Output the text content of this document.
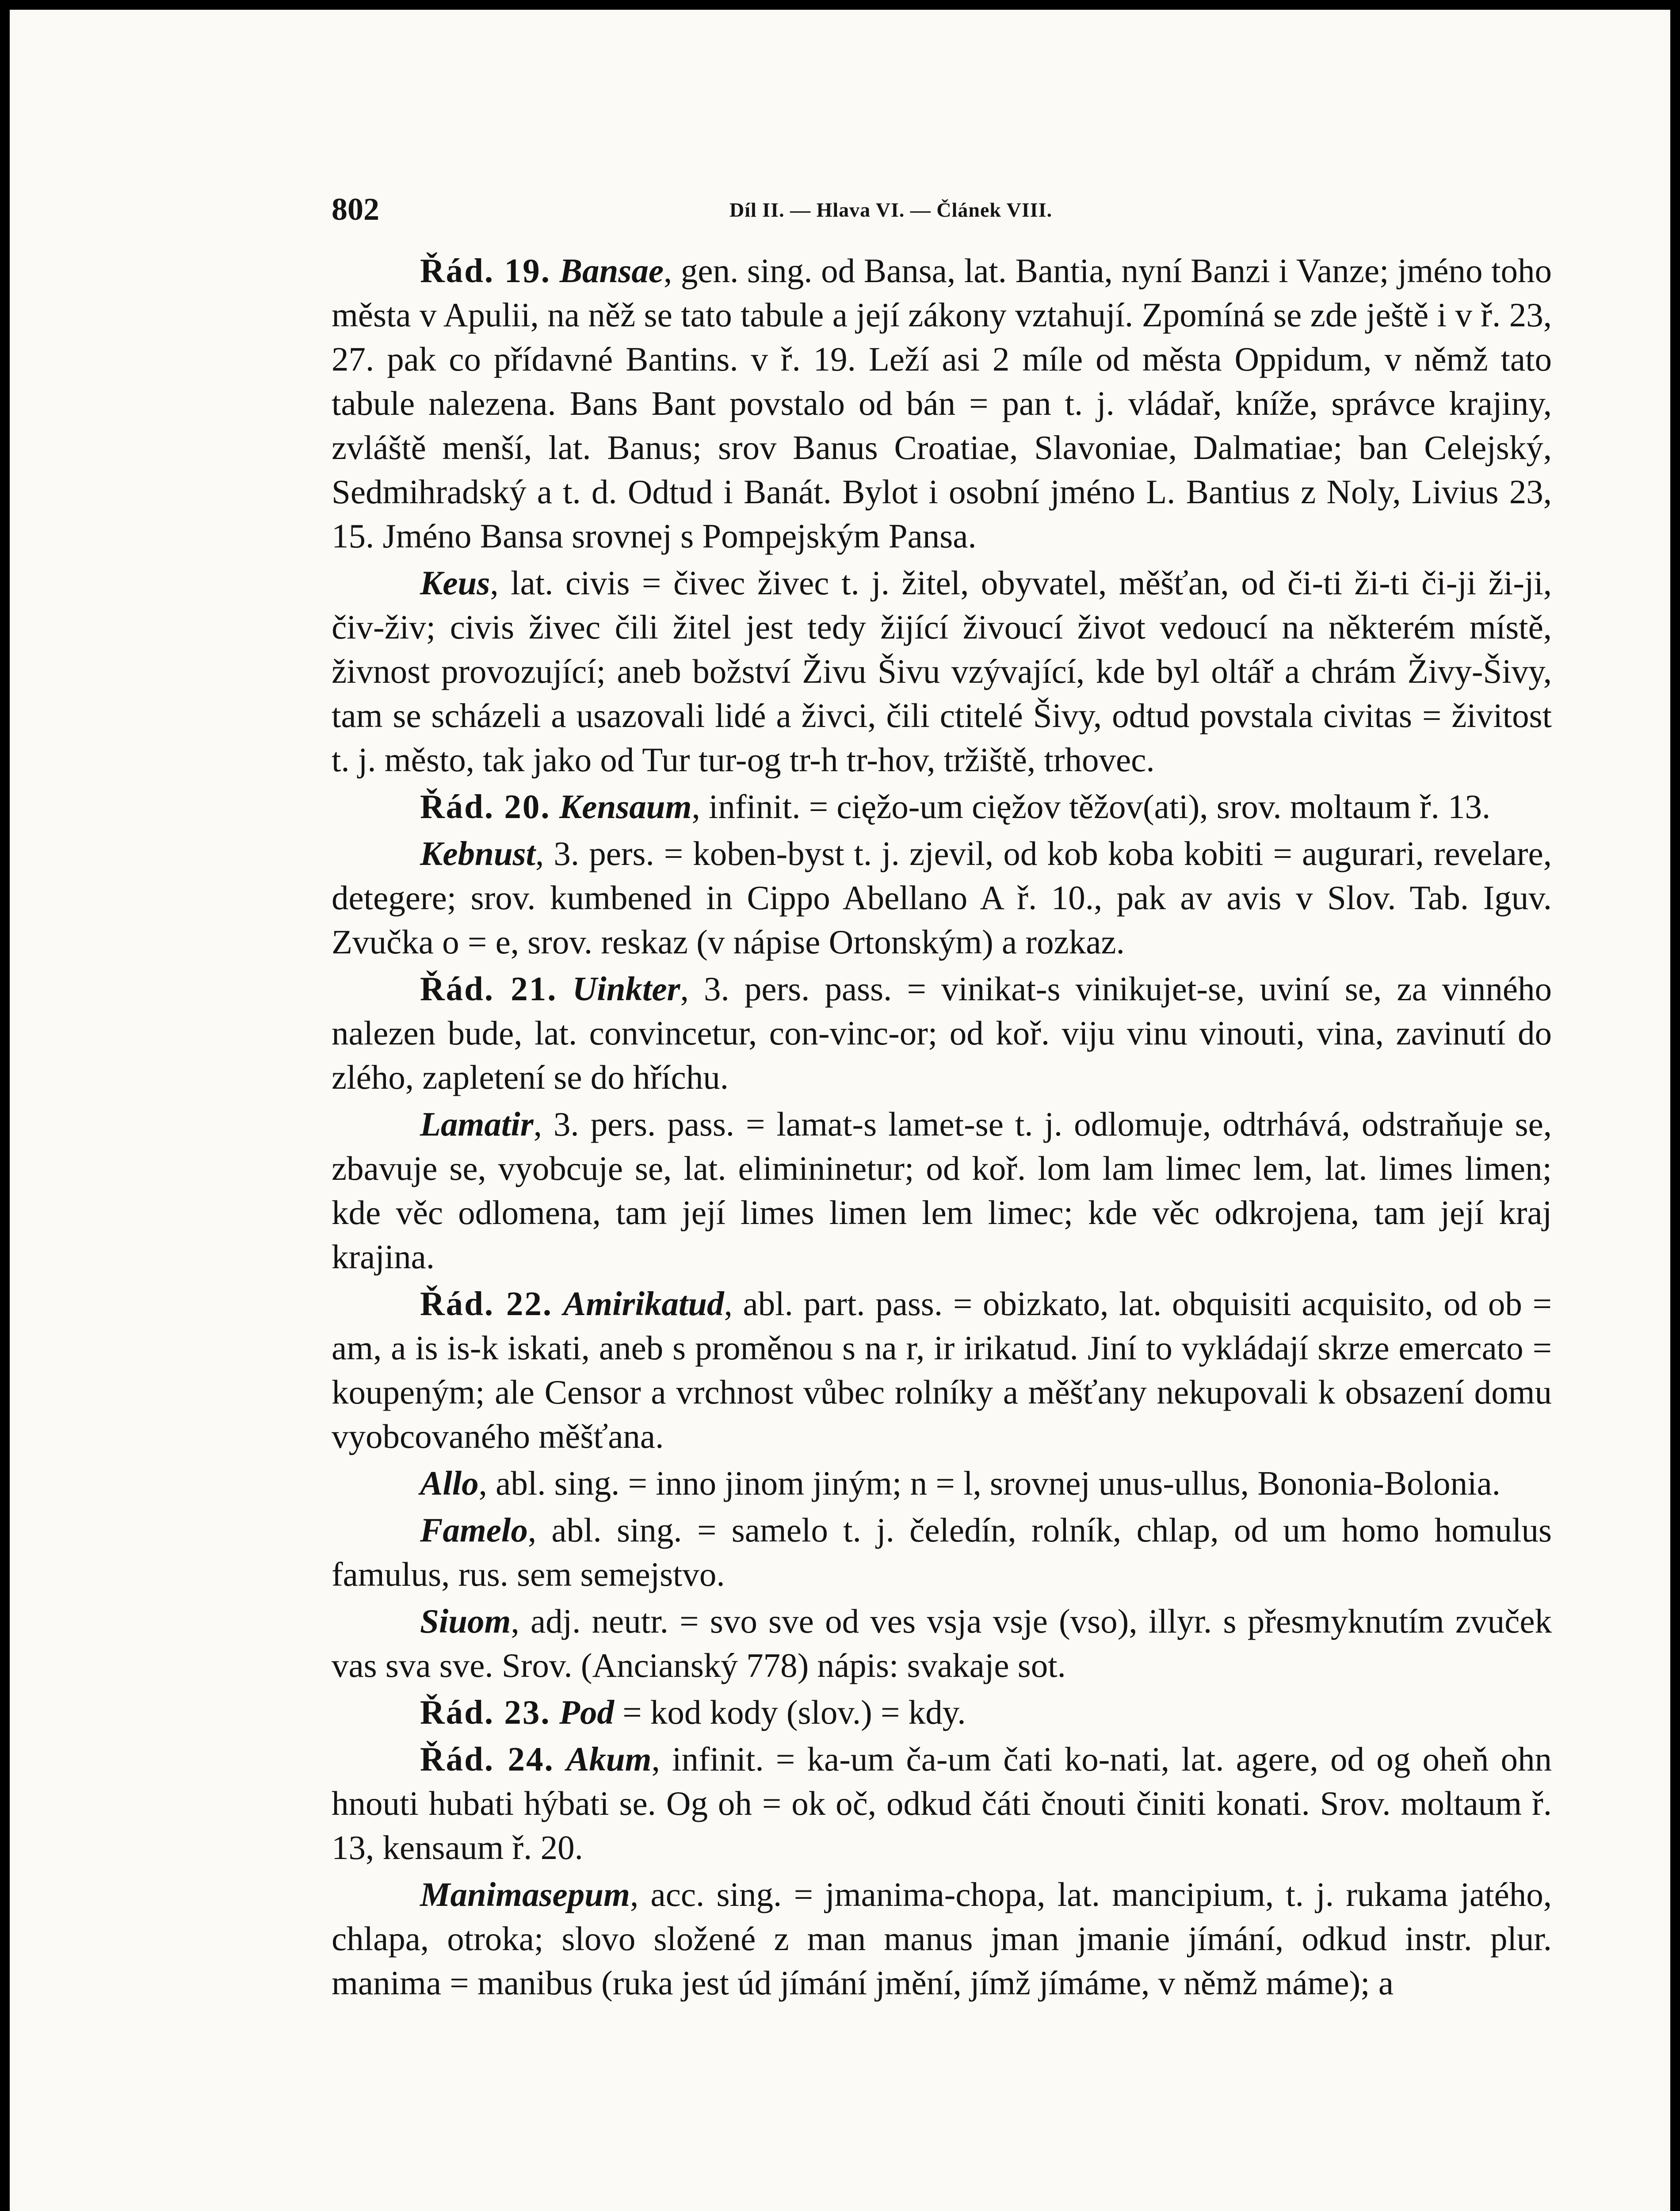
802	Díl II. — Hlava VI. — Článek VIII.

Řád. 19. Bansae, gen. sing. od Bansa, lat. Bantia, nyní Banzi i Vanze; jméno toho města v Apulii, na něž se tato tabule a její zákony vztahují. Zpomíná se zde ještě i v ř. 23, 27. pak co přídavné Bantins. v ř. 19. Leží asi 2 míle od města Oppidum, v němž tato tabule nalezena. Bans Bant povstalo od bán = pan t. j. vládař, kníže, správce krajiny, zvláště menší, lat. Banus; srov Banus Croatiae, Slavoniae, Dalmatiae; ban Celejský, Sedmihradský a t. d. Odtud i Banát. Bylot i osobní jméno L. Bantius z Noly, Livius 23, 15. Jméno Bansa srovnej s Pompejským Pansa.

Keus, lat. civis = čivec živec t. j. žitel, obyvatel, měšťan, od či-ti ži-ti či-ji ži-ji, čiv-živ; civis živec čili žitel jest tedy žijící živoucí život vedoucí na některém místě, živnost provozující; aneb božství Živu Šivu vzývající, kde byl oltář a chrám Živy-Šivy, tam se scházeli a usazovali lidé a živci, čili ctitelé Šivy, odtud povstala civitas = živitost t. j. město, tak jako od Tur tur-og tr-h tr-hov, tržiště, trhovec.

Řád. 20. Kensaum, infinit. = cięžo-um cięžov těžov(ati), srov. moltaum ř. 13.

Kebnust, 3. pers. = koben-byst t. j. zjevil, od kob koba kobiti = augurari, revelare, detegere; srov. kumbened in Cippo Abellano A ř. 10., pak av avis v Slov. Tab. Iguv. Zvučka o = e, srov. reskaz (v nápise Ortonským) a rozkaz.

Řád. 21. Uinkter, 3. pers. pass. = vinikat-s vinikujet-se, uviní se, za vinného nalezen bude, lat. convincetur, con-vinc-or; od koř. viju vinu vinouti, vina, zavinutí do zlého, zapletení se do hříchu.

Lamatir, 3. pers. pass. = lamat-s lamet-se t. j. odlomuje, odtrhává, odstraňuje se, zbavuje se, vyobcuje se, lat. elimininetur; od koř. lom lam limec lem, lat. limes limen; kde věc odlomena, tam její limes limen lem limec; kde věc odkrojena, tam její kraj krajina.

Řád. 22. Amirikatud, abl. part. pass. = obizkato, lat. obquisiti acquisito, od ob = am, a is is-k iskati, aneb s proměnou s na r, ir irikatud. Jiní to vykládají skrze emercato = koupeným; ale Censor a vrchnost vůbec rolníky a měšťany nekupovali k obsazení domu vyobcovaného měšťana.

Allo, abl. sing. = inno jinom jiným; n = l, srovnej unus-ullus, Bononia-Bolonia.

Famelo, abl. sing. = samelo t. j. čeledín, rolník, chlap, od um homo homulus famulus, rus. sem semejstvo.

Siuom, adj. neutr. = svo sve od ves vsja vsje (vso), illyr. s přesmyknutím zvuček vas sva sve. Srov. (Ancianský 778) nápis: svakaje sot.

Řád. 23. Pod = kod kody (slov.) = kdy.

Řád. 24. Akum, infinit. = ka-um ča-um čati ko-nati, lat. agere, od og oheň ohn hnouti hubati hýbati se. Og oh = ok oč, odkud čáti čnouti činiti konati. Srov. moltaum ř. 13, kensaum ř. 20.

Manimasepum, acc. sing. = jmanima-chopa, lat. mancipium, t. j. rukama jatého, chlapa, otroka; slovo složené z man manus jman jmanie jímání, odkud instr. plur. manima = manibus (ruka jest úd jímání jmění, jímž jímáme, v němž máme); a
